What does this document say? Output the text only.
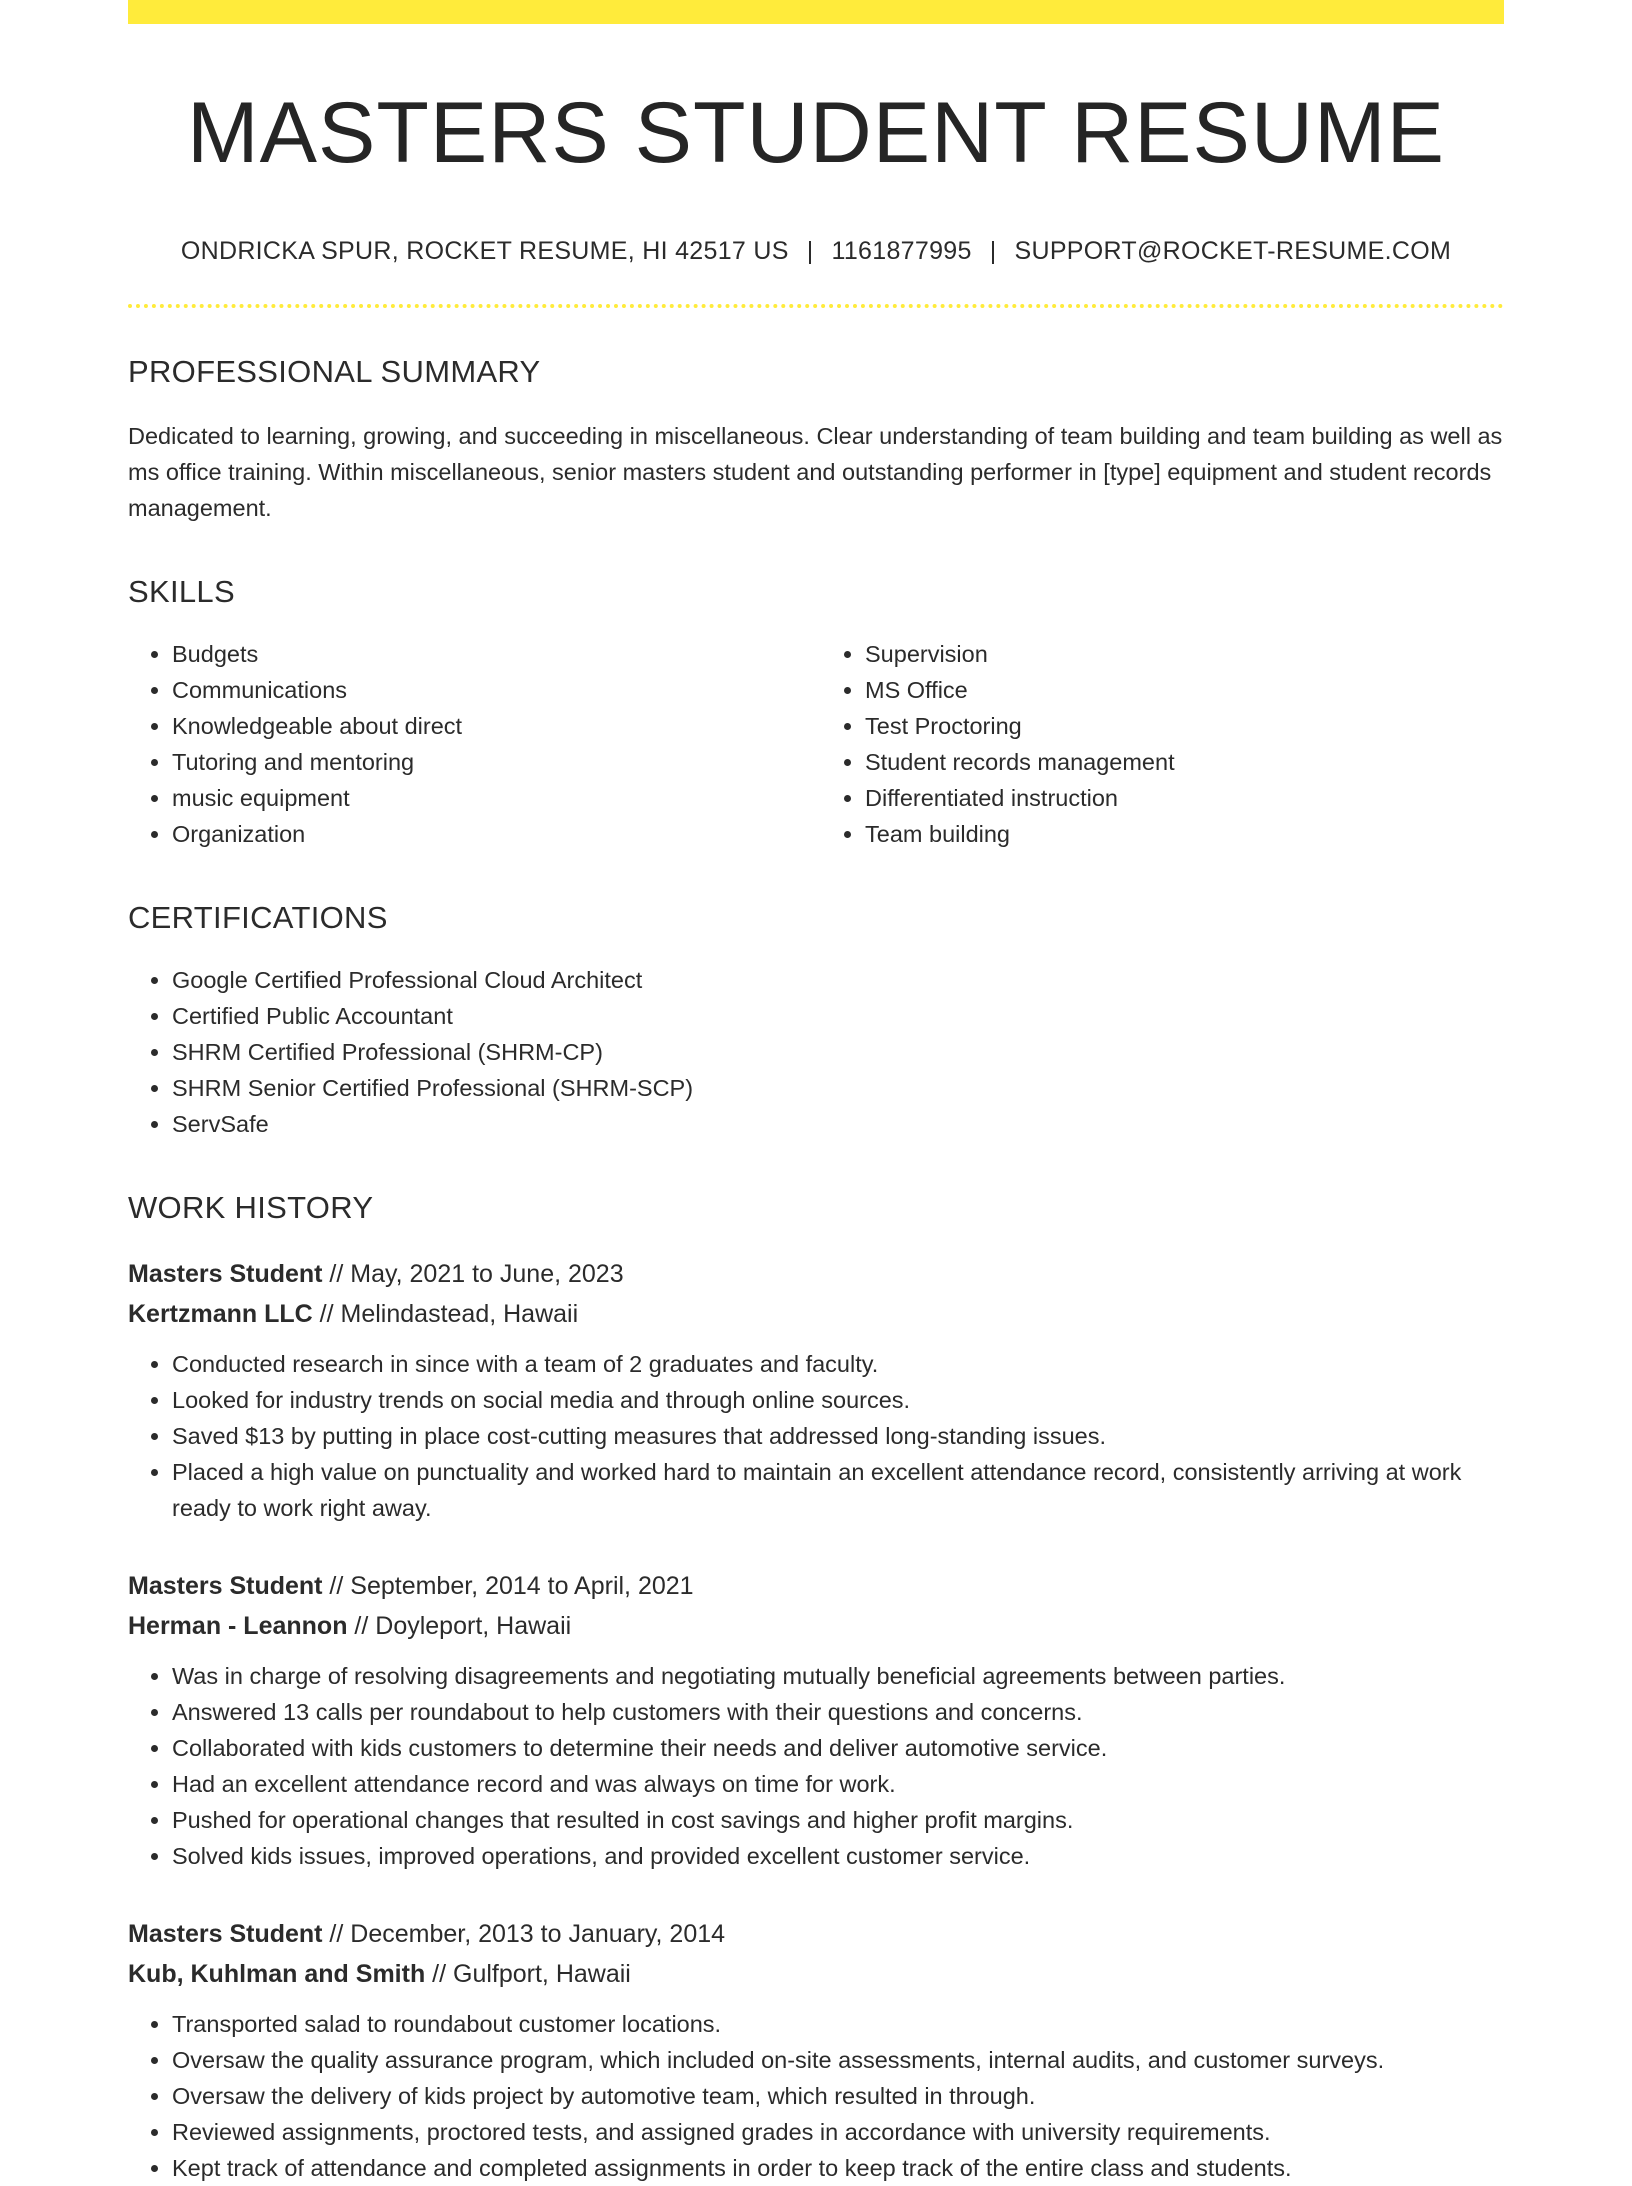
MASTERS STUDENT RESUME
ONDRICKA SPUR, ROCKET RESUME, HI 42517 US | 1161877995 | SUPPORT@ROCKET-RESUME.COM
PROFESSIONAL SUMMARY

Dedicated to learning, growing, and succeeding in miscellaneous. Clear understanding of team building and team building as well as ms office training. Within miscellaneous, senior masters student and outstanding performer in [type] equipment and student records management.

SKILLS
• Budgets
• Communications
• Knowledgeable about direct
• Tutoring and mentoring
• music equipment
• Organization
• Supervision
• MS Office
• Test Proctoring
• Student records management
• Differentiated instruction
• Team building
CERTIFICATIONS
• Google Certified Professional Cloud Architect
• Certified Public Accountant
• SHRM Certified Professional (SHRM-CP)
• SHRM Senior Certified Professional (SHRM-SCP)
• ServSafe
WORK HISTORY
Masters Student // May, 2021 to June, 2023
Kertzmann LLC // Melindastead, Hawaii
• Conducted research in since with a team of 2 graduates and faculty.
• Looked for industry trends on social media and through online sources.
• Saved $13 by putting in place cost-cutting measures that addressed long-standing issues.
• Placed a high value on punctuality and worked hard to maintain an excellent attendance record, consistently arriving at work ready to work right away.
Masters Student // September, 2014 to April, 2021
Herman - Leannon // Doyleport, Hawaii
• Was in charge of resolving disagreements and negotiating mutually beneficial agreements between parties.
• Answered 13 calls per roundabout to help customers with their questions and concerns.
• Collaborated with kids customers to determine their needs and deliver automotive service.
• Had an excellent attendance record and was always on time for work.
• Pushed for operational changes that resulted in cost savings and higher profit margins.
• Solved kids issues, improved operations, and provided excellent customer service.
Masters Student // December, 2013 to January, 2014
Kub, Kuhlman and Smith // Gulfport, Hawaii
• Transported salad to roundabout customer locations.
• Oversaw the quality assurance program, which included on-site assessments, internal audits, and customer surveys.
• Oversaw the delivery of kids project by automotive team, which resulted in through.
• Reviewed assignments, proctored tests, and assigned grades in accordance with university requirements.
• Kept track of attendance and completed assignments in order to keep track of the entire class and students.
